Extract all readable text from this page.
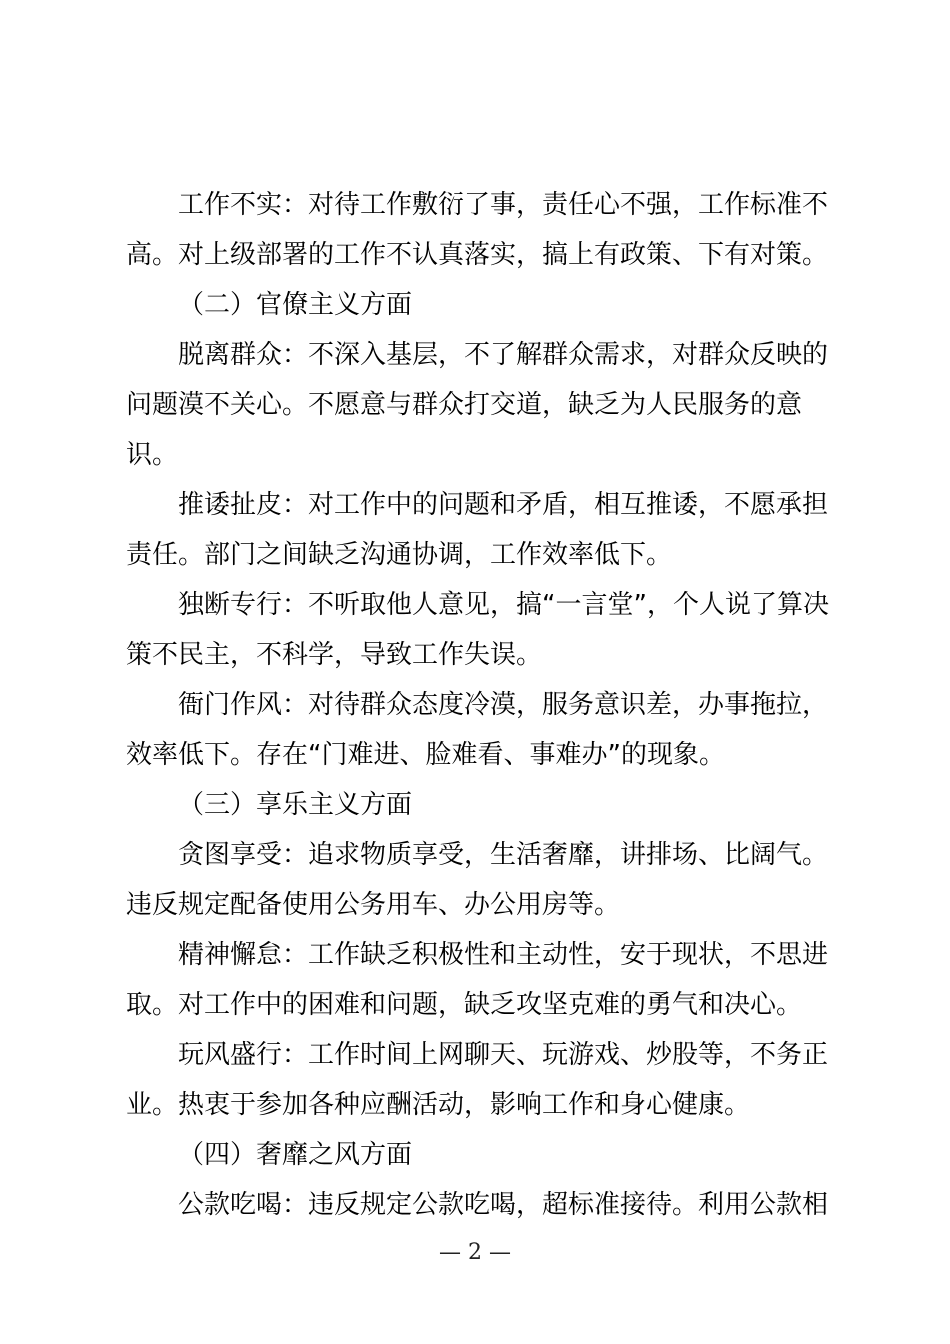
工作不实：对待工作敷衍了事，责任心不强，工作标准不高。对上级部署的工作不认真落实，搞上有政策、下有对策。

（二）官僚主义方面

脱离群众：不深入基层，不了解群众需求，对群众反映的问题漠不关心。不愿意与群众打交道，缺乏为人民服务的意识。

推诿扯皮：对工作中的问题和矛盾，相互推诿，不愿承担责任。部门之间缺乏沟通协调，工作效率低下。

独断专行：不听取他人意见，搞“一言堂”，个人说了算决策不民主，不科学，导致工作失误。

衙门作风：对待群众态度冷漠，服务意识差，办事拖拉，效率低下。存在“门难进、脸难看、事难办”的现象。

（三）享乐主义方面

贪图享受：追求物质享受，生活奢靡，讲排场、比阔气。违反规定配备使用公务用车、办公用房等。

精神懈怠：工作缺乏积极性和主动性，安于现状，不思进取。对工作中的困难和问题，缺乏攻坚克难的勇气和决心。

玩风盛行：工作时间上网聊天、玩游戏、炒股等，不务正业。热衷于参加各种应酬活动，影响工作和身心健康。

（四）奢靡之风方面

公款吃喝：违反规定公款吃喝，超标准接待。利用公款相

— 2 —
